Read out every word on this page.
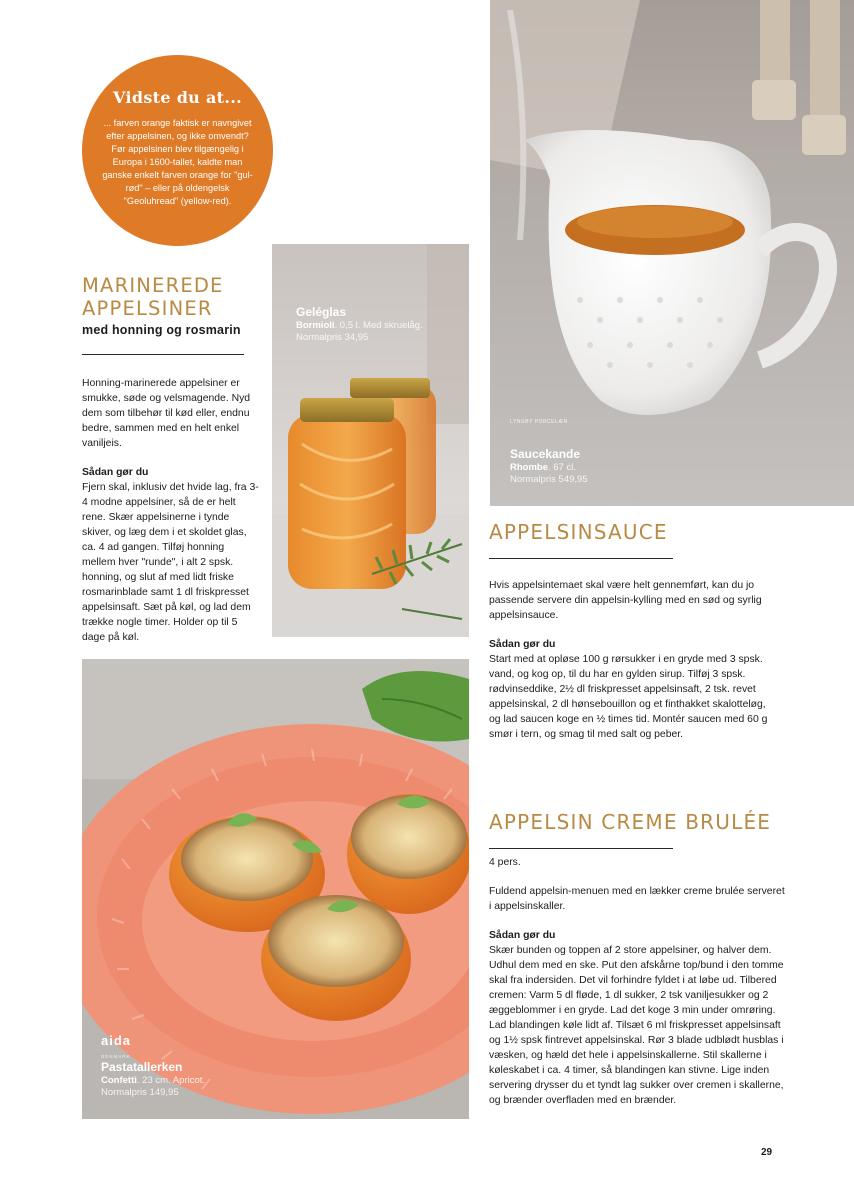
Vidste du at...

... farven orange faktisk er navngivet efter appelsinen, og ikke omvendt? Før appelsinen blev tilgængelig i Europa i 1600-tallet, kaldte man ganske enkelt farven orange for "gul-rød" – eller på oldengelsk "Geoluhread" (yellow-red).

MARINEREDE
APPELSINER
med honning og rosmarin

Honning-marinerede appelsiner er smukke, søde og velsmagende. Nyd dem som tilbehør til kød eller, endnu bedre, sammen med en helt enkel vaniljeis.

Sådan gør du

Fjern skal, inklusiv det hvide lag, fra 3-4 modne appelsiner, så de er helt rene. Skær appelsinerne i tynde skiver, og læg dem i et skoldet glas, ca. 4 ad gangen. Tilføj honning mellem hver "runde", i alt 2 spsk. honning, og slut af med lidt friske rosmarinblade samt 1 dl friskpresset appelsinsaft. Sæt på køl, og lad dem trække nogle timer. Holder op til 5 dage på køl.

Geléglas
Bormioli. 0,5 l. Med skruelåg.
Normalpris 34,95
LYNGBY PORCELÆN
Saucekande
Rhombe. 67 cl.
Normalpris 549,95
APPELSINSAUCE

Hvis appelsintemaet skal være helt gennemført, kan du jo passende servere din appelsin-kylling med en sød og syrlig appelsinsauce.

Sådan gør du

Start med at opløse 100 g rørsukker i en gryde med 3 spsk. vand, og kog op, til du har en gylden sirup. Tilføj 3 spsk. rødvinseddike, 2½ dl friskpresset appelsinsaft, 2 tsk. revet appelsinskal, 2 dl hønsebouillon og et finthakket skalotteløg, og lad saucen koge en ½ times tid. Montér saucen med 60 g smør i tern, og smag til med salt og peber.

aida
DENMARK
Pastatallerken
Confetti. 23 cm. Apricot.
Normalpris 149,95
APPELSIN CREME BRULÉE

4 pers.

Fuldend appelsin-menuen med en lækker creme brulée serveret i appelsinskaller.

Sådan gør du

Skær bunden og toppen af 2 store appelsiner, og halver dem. Udhul dem med en ske. Put den afskårne top/bund i den tomme skal fra indersiden. Det vil forhindre fyldet i at løbe ud. Tilbered cremen: Varm 5 dl fløde, 1 dl sukker, 2 tsk vaniljesukker og 2 æggeblommer i en gryde. Lad det koge 3 min under omrøring. Lad blandingen køle lidt af. Tilsæt 6 ml friskpresset appelsinsaft og 1½ spsk fintrevet appelsinskal. Rør 3 blade udblødt husblas i væsken, og hæld det hele i appelsinskallerne. Stil skallerne i køleskabet i ca. 4 timer, så blandingen kan stivne. Lige inden servering drysser du et tyndt lag sukker over cremen i skallerne, og brænder overfladen med en brænder.

29
